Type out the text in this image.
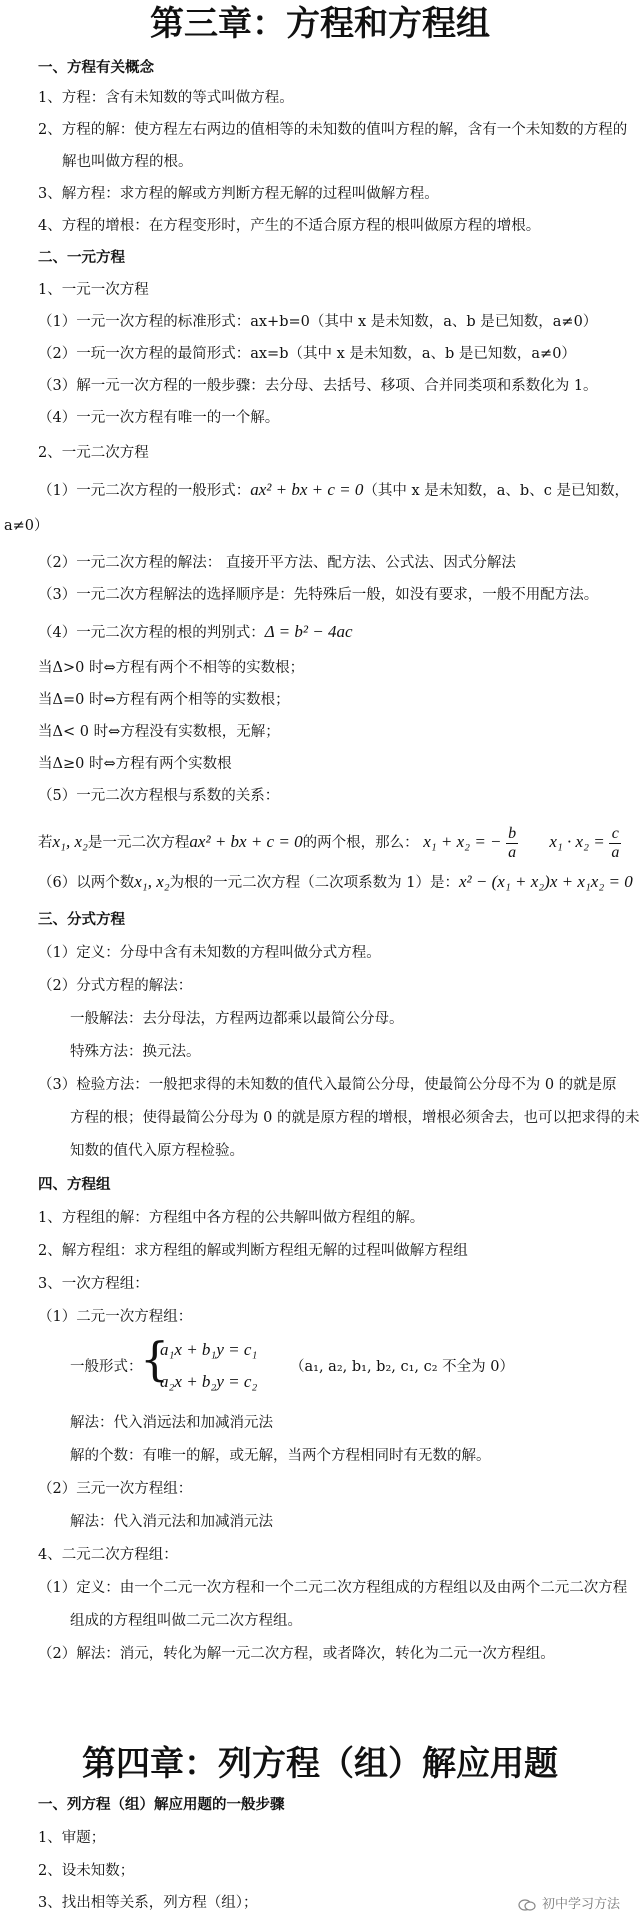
第三章：方程和方程组
一、方程有关概念
1、方程：含有未知数的等式叫做方程。
2、方程的解：使方程左右两边的值相等的未知数的值叫方程的解，含有一个未知数的方程的
解也叫做方程的根。
3、解方程：求方程的解或方判断方程无解的过程叫做解方程。
4、方程的增根：在方程变形时，产生的不适合原方程的根叫做原方程的增根。
二、一元方程
1、一元一次方程
（1）一元一次方程的标准形式：ax+b=0（其中 x 是未知数，a、b 是已知数，a≠0）
（2）一玩一次方程的最简形式：ax=b（其中 x 是未知数，a、b 是已知数，a≠0）
（3）解一元一次方程的一般步骤：去分母、去括号、移项、合并同类项和系数化为 1。
（4）一元一次方程有唯一的一个解。
2、一元二次方程
（1）一元二次方程的一般形式：ax² + bx + c = 0（其中 x 是未知数，a、b、c 是已知数，
a≠0）
（2）一元二次方程的解法： 直接开平方法、配方法、公式法、因式分解法
（3）一元二次方程解法的选择顺序是：先特殊后一般，如没有要求，一般不用配方法。
（4）一元二次方程的根的判别式：Δ = b² − 4ac
当Δ>0 时⇔方程有两个不相等的实数根；
当Δ=0 时⇔方程有两个相等的实数根；
当Δ< 0 时⇔方程没有实数根，无解；
当Δ≥0 时⇔方程有两个实数根
（5）一元二次方程根与系数的关系：
若x₁, x₂是一元二次方程ax² + bx + c = 0的两个根，那么： x₁ + x₂ = − $\frac{b}{a} x_1 \cdot x_2 = \frac{c}{a}$
（6）以两个数x₁, x₂为根的一元二次方程（二次项系数为 1）是：x² − (x₁ + x₂)x + x₁x₂ = 0
三、分式方程
（1）定义：分母中含有未知数的方程叫做分式方程。
（2）分式方程的解法：
一般解法：去分母法，方程两边都乘以最简公分母。
特殊方法：换元法。
（3）检验方法：一般把求得的未知数的值代入最简公分母，使最简公分母不为 0 的就是原
方程的根；使得最简公分母为 0 的就是原方程的增根，增根必须舍去，也可以把求得的未
知数的值代入原方程检验。
四、方程组
1、方程组的解：方程组中各方程的公共解叫做方程组的解。
2、解方程组：求方程组的解或判断方程组无解的过程叫做解方程组
3、一次方程组：
（1）二元一次方程组：
一般形式：
{
a₁x + b₁y = c₁
a₂x + b₂y = c₂
（a₁, a₂, b₁, b₂, c₁, c₂ 不全为 0）
解法：代入消远法和加减消元法
解的个数：有唯一的解，或无解，当两个方程相同时有无数的解。
（2）三元一次方程组：
解法：代入消元法和加减消元法
4、二元二次方程组：
（1）定义：由一个二元一次方程和一个二元二次方程组成的方程组以及由两个二元二次方程
组成的方程组叫做二元二次方程组。
（2）解法：消元，转化为解一元二次方程，或者降次，转化为二元一次方程组。
第四章：列方程（组）解应用题
一、列方程（组）解应用题的一般步骤
1、审题；
2、设未知数；
3、找出相等关系，列方程（组）；	初中学习方法
